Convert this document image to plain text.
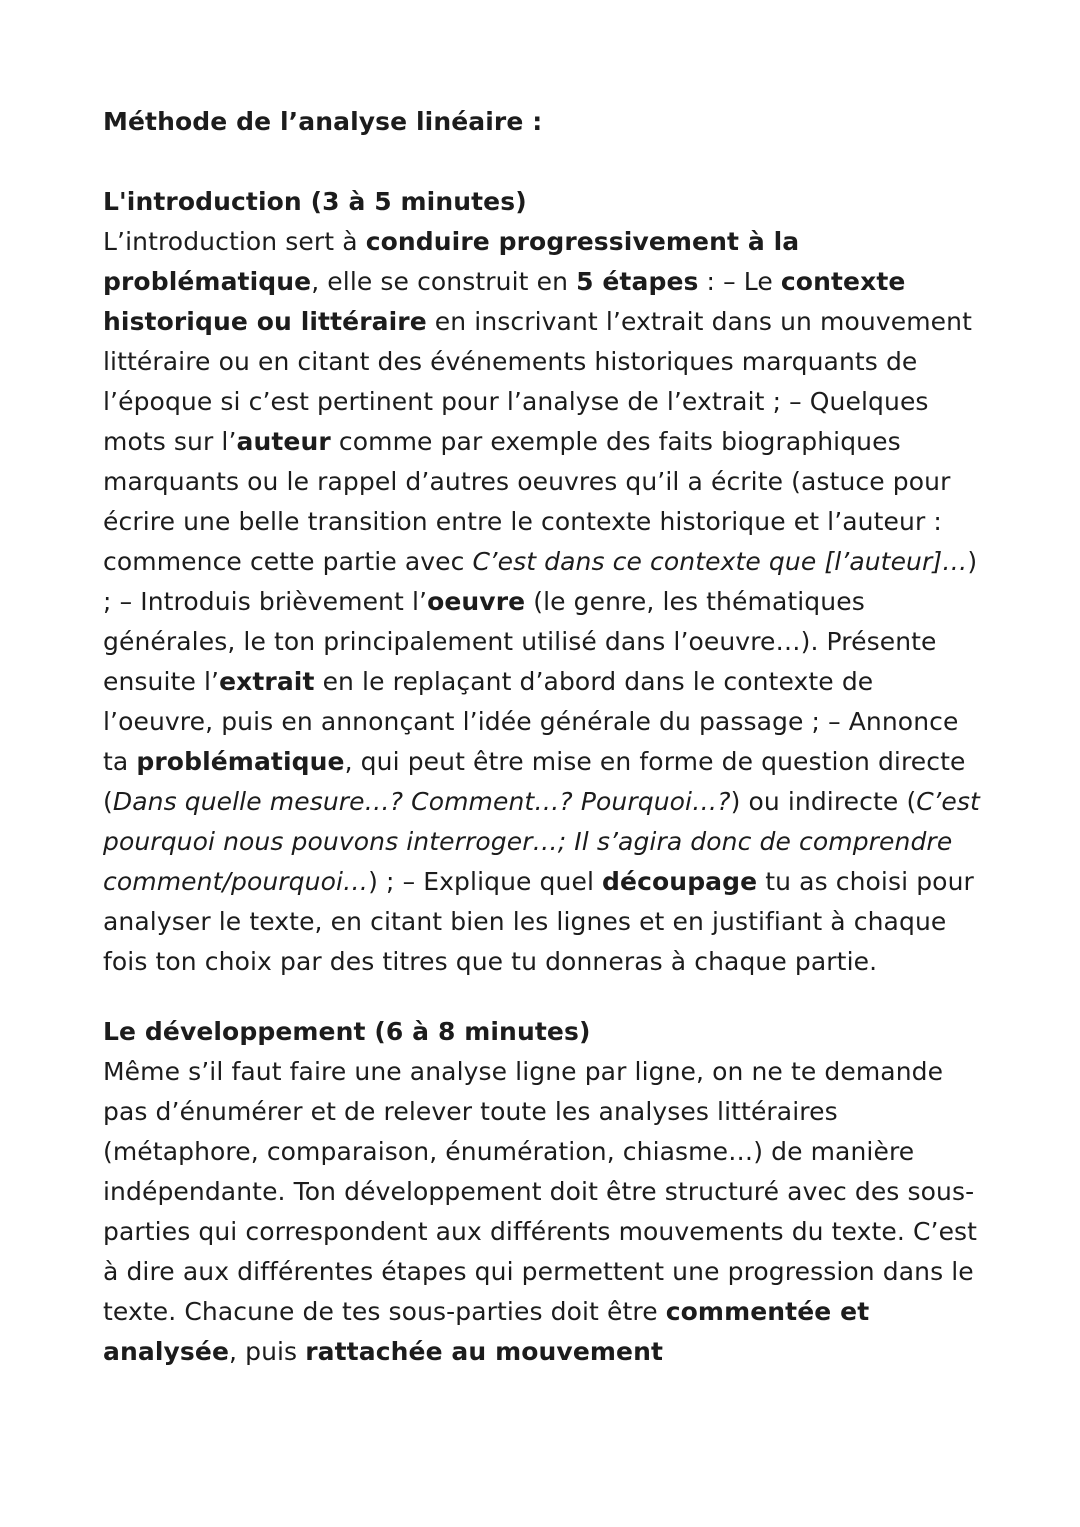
Méthode de l’analyse linéaire :
L'introduction (3 à 5 minutes)
L’introduction sert à conduire progressivement à la problématique, elle se construit en 5 étapes : – Le contexte historique ou littéraire en inscrivant l’extrait dans un mouvement littéraire ou en citant des événements historiques marquants de l’époque si c’est pertinent pour l’analyse de l’extrait ; – Quelques mots sur l’auteur comme par exemple des faits biographiques marquants ou le rappel d’autres oeuvres qu’il a écrite (astuce pour écrire une belle transition entre le contexte historique et l’auteur : commence cette partie avec C’est dans ce contexte que [l’auteur]…) ; – Introduis brièvement l’oeuvre (le genre, les thématiques générales, le ton principalement utilisé dans l’oeuvre…). Présente ensuite l’extrait en le replaçant d’abord dans le contexte de l’oeuvre, puis en annonçant l’idée générale du passage ; – Annonce ta problématique, qui peut être mise en forme de question directe (Dans quelle mesure…? Comment…? Pourquoi…?) ou indirecte (C’est pourquoi nous pouvons interroger…; Il s’agira donc de comprendre comment/pourquoi…) ; – Explique quel découpage tu as choisi pour analyser le texte, en citant bien les lignes et en justifiant à chaque fois ton choix par des titres que tu donneras à chaque partie.
Le développement (6 à 8 minutes)
Même s’il faut faire une analyse ligne par ligne, on ne te demande pas d’énumérer et de relever toute les analyses littéraires (métaphore, comparaison, énumération, chiasme…) de manière indépendante. Ton développement doit être structuré avec des sous-parties qui correspondent aux différents mouvements du texte. C’est à dire aux différentes étapes qui permettent une progression dans le texte. Chacune de tes sous-parties doit être commentée et analysée, puis rattachée au mouvement
